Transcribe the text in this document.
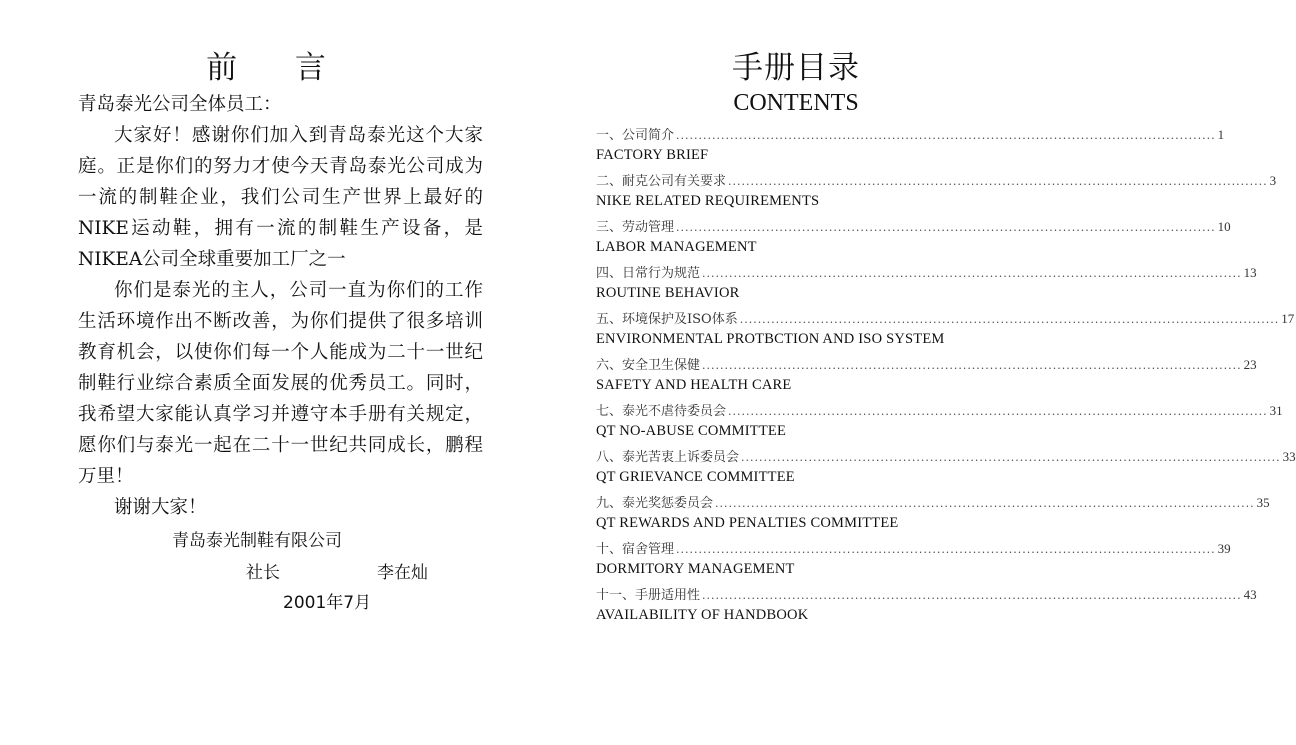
前 言

青岛泰光公司全体员工：

大家好！感谢你们加入到青岛泰光这个大家庭。正是你们的努力才使今天青岛泰光公司成为一流的制鞋企业，我们公司生产世界上最好的NIKE运动鞋，拥有一流的制鞋生产设备，是NIKEA公司全球重要加工厂之一

你们是泰光的主人，公司一直为你们的工作生活环境作出不断改善，为你们提供了很多培训教育机会，以使你们每一个人能成为二十一世纪制鞋行业综合素质全面发展的优秀员工。同时，我希望大家能认真学习并遵守本手册有关规定，愿你们与泰光一起在二十一世纪共同成长，鹏程万里！

谢谢大家！

青岛泰光制鞋有限公司
社长	李在灿
2001年7月
手册目录
CONTENTS
一、公司简介 ........................................................................................................................ 1
FACTORY BRIEF
二、耐克公司有关要求 ........................................................................................................................ 3
NIKE RELATED REQUIREMENTS
三、劳动管理 ........................................................................................................................ 10
LABOR MANAGEMENT
四、日常行为规范 ........................................................................................................................ 13
ROUTINE BEHAVIOR
五、环境保护及ISO体系 ........................................................................................................................ 17
ENVIRONMENTAL PROTBCTION AND ISO SYSTEM
六、安全卫生保健 ........................................................................................................................ 23
SAFETY AND HEALTH CARE
七、泰光不虐待委员会 ........................................................................................................................ 31
QT NO-ABUSE COMMITTEE
八、泰光苦衷上诉委员会 ........................................................................................................................ 33
QT GRIEVANCE COMMITTEE
九、泰光奖惩委员会 ........................................................................................................................ 35
QT REWARDS AND PENALTIES COMMITTEE
十、宿舍管理 ........................................................................................................................ 39
DORMITORY MANAGEMENT
十一、手册适用性 ........................................................................................................................ 43
AVAILABILITY OF HANDBOOK
